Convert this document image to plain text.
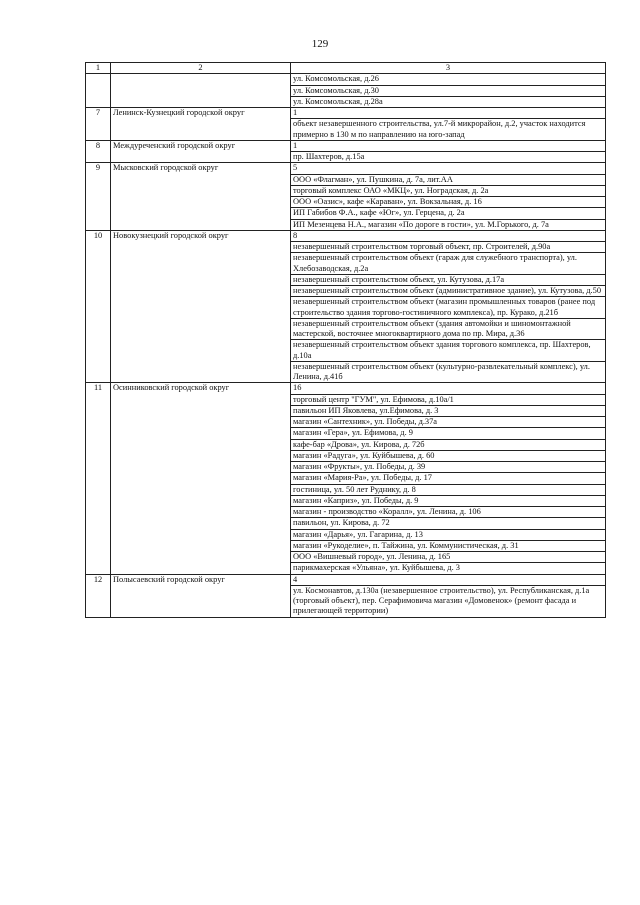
129
1	2	3
		ул. Комсомольская, д.26
		ул. Комсомольская, д.30
		ул. Комсомольская, д.28а
7	Ленинск-Кузнецкий городской округ	1
		объект незавершенного строительства, ул.7-й микрорайон, д.2, участок находится примерно в 130 м по направлению на юго-запад
8	Междуреченский городской округ	1
		пр. Шахтеров, д.15а
9	Мысковский городской округ	5
		ООО «Флагман», ул. Пушкина, д. 7а, лит.АА
		торговый комплекс ОАО «МКЦ», ул. Ноградская, д. 2а
		ООО «Оазис», кафе «Караван», ул. Вокзальная, д. 16
		ИП Габибов Ф.А., кафе «Юг», ул. Герцена, д. 2а
		ИП Мезенцева Н.А., магазин «По дороге в гости», ул. М.Горького, д. 7а
10	Новокузнецкий городской округ	8
		незавершенный строительством торговый объект, пр. Строителей, д.90а
		незавершенный строительством объект (гараж для служебного транспорта), ул. Хлебозаводская, д.2а
		незавершенный строительством объект, ул. Кутузова, д.17а
		незавершенный строительством объект (административное здание), ул. Кутузова, д.50
		незавершенный строительством объект (магазин промышленных товаров (ранее под строительство здания торгово-гостиничного комплекса), пр. Курако, д.21б
		незавершенный строительством объект (здания автомойки и шиномонтажной мастерской, восточнее многоквартирного дома по пр. Мира, д.36
		незавершенный строительством объект здания торгового комплекса, пр. Шахтеров, д.10а
		незавершенный строительством объект (культурно-развлекательный комплекс), ул. Ленина, д.41б
11	Осинниковский городской округ	16
		торговый центр "ГУМ", ул. Ефимова, д.10а/1
		павильон ИП Яковлева, ул.Ефимова, д. 3
		магазин «Сантехник», ул. Победы, д.37а
		магазин «Гера», ул. Ефимова, д. 9
		кафе-бар «Дрова», ул. Кирова, д. 72б
		магазин «Радуга», ул. Куйбышева, д. 60
		магазин «Фрукты», ул. Победы, д. 39
		магазин «Мария-Ра», ул. Победы, д. 17
		гостиница, ул. 50 лет Руднику, д. 8
		магазин «Каприз», ул. Победы, д. 9
		магазин - производство «Коралл», ул. Ленина, д. 106
		павильон, ул. Кирова, д. 72
		магазин «Дарья», ул. Гагарина, д. 13
		магазин «Рукоделие», п. Тайжина, ул. Коммунистическая, д. 31
		ООО «Вишневый город», ул. Ленина, д. 165
		парикмахерская «Ульяна», ул. Куйбышева, д. 3
12	Полысаевский городской округ	4
		ул. Космонавтов, д.130а (незавершенное строительство), ул. Республиканская, д.1а (торговый объект), пер. Серафимовича магазин «Домовенок» (ремонт фасада и прилегающей территории)
